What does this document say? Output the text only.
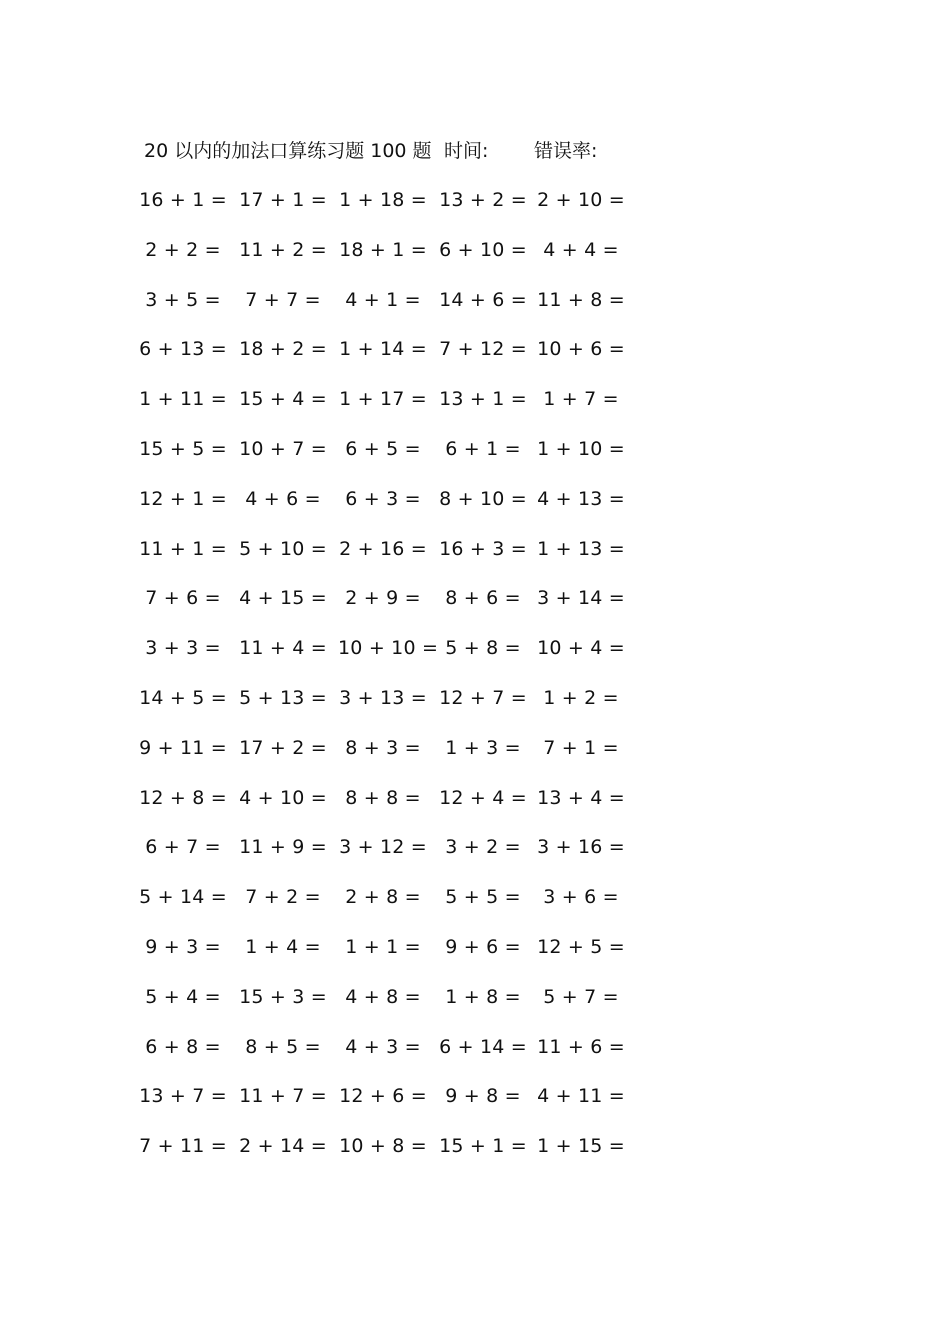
20 以内的加法口算练习题 100 题 时间: 错误率:
16 + 1 = 17 + 1 = 1 + 18 = 13 + 2 = 2 + 10 =
2 + 2 = 11 + 2 = 18 + 1 = 6 + 10 = 4 + 4 =
3 + 5 =	7 + 7 =	4 + 1 = 14 + 6 = 11 + 8 =
6 + 13 = 18 + 2 = 1 + 14 = 7 + 12 = 10 + 6 =
1 + 11 = 15 + 4 = 1 + 17 = 13 + 1 = 1 + 7 =
15 + 5 = 10 + 7 = 6 + 5 =	6 + 1 = 1 + 10 =
12 + 1 = 4 + 6 =	6 + 3 = 8 + 10 = 4 + 13 =
11 + 1 = 5 + 10 = 2 + 16 = 16 + 3 = 1 + 13 =
7 + 6 = 4 + 15 = 2 + 9 =	8 + 6 = 3 + 14 =
3 + 3 = 11 + 4 = 10 + 10 = 5 + 8 = 10 + 4 =
14 + 5 = 5 + 13 = 3 + 13 = 12 + 7 = 1 + 2 =
9 + 11 = 17 + 2 = 8 + 3 =	1 + 3 =	7 + 1 =
12 + 8 = 4 + 10 = 8 + 8 = 12 + 4 = 13 + 4 =
6 + 7 = 11 + 9 = 3 + 12 = 3 + 2 = 3 + 16 =
5 + 14 = 7 + 2 =	2 + 8 =	5 + 5 =	3 + 6 =
9 + 3 =	1 + 4 =	1 + 1 =	9 + 6 = 12 + 5 =
5 + 4 = 15 + 3 = 4 + 8 =	1 + 8 =	5 + 7 =
6 + 8 =	8 + 5 =	4 + 3 = 6 + 14 = 11 + 6 =
13 + 7 = 11 + 7 = 12 + 6 = 9 + 8 = 4 + 11 =
7 + 11 = 2 + 14 = 10 + 8 = 15 + 1 = 1 + 15 =
